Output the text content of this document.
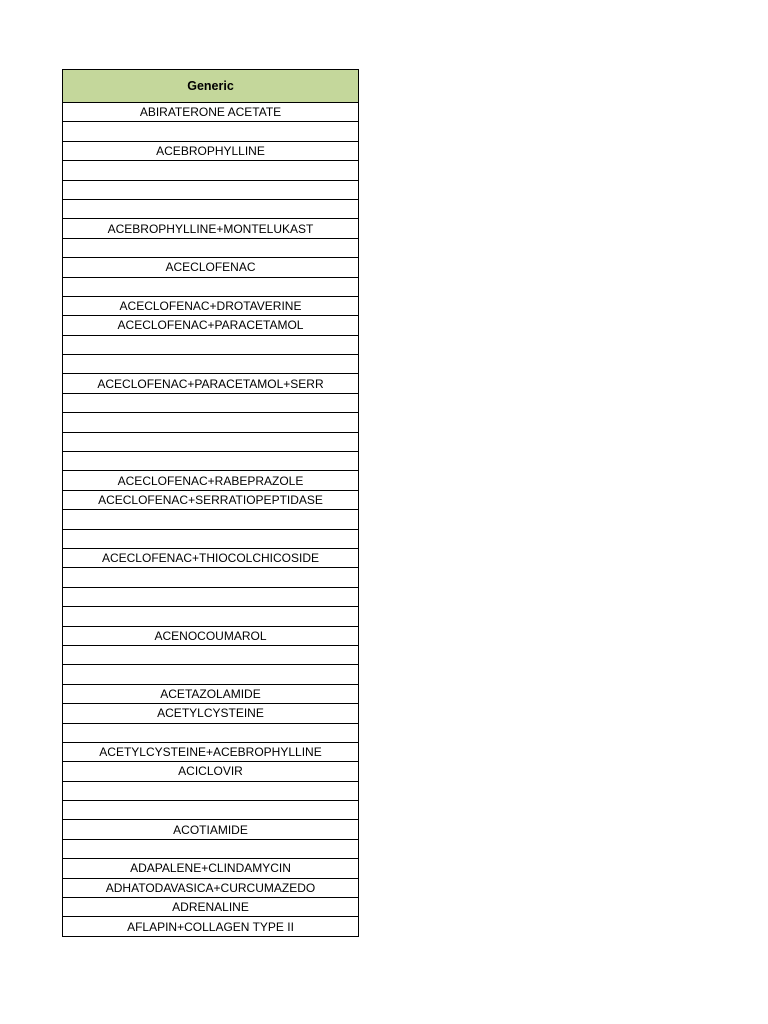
Generic
ABIRATERONE ACETATE

ACEBROPHYLLINE

ACEBROPHYLLINE+MONTELUKAST

ACECLOFENAC

ACECLOFENAC+DROTAVERINE
ACECLOFENAC+PARACETAMOL

ACECLOFENAC+PARACETAMOL+SERR

ACECLOFENAC+RABEPRAZOLE
ACECLOFENAC+SERRATIOPEPTIDASE

ACECLOFENAC+THIOCOLCHICOSIDE

ACENOCOUMAROL

ACETAZOLAMIDE
ACETYLCYSTEINE

ACETYLCYSTEINE+ACEBROPHYLLINE
ACICLOVIR

ACOTIAMIDE

ADAPALENE+CLINDAMYCIN
ADHATODAVASICA+CURCUMAZEDO
ADRENALINE
AFLAPIN+COLLAGEN TYPE II
